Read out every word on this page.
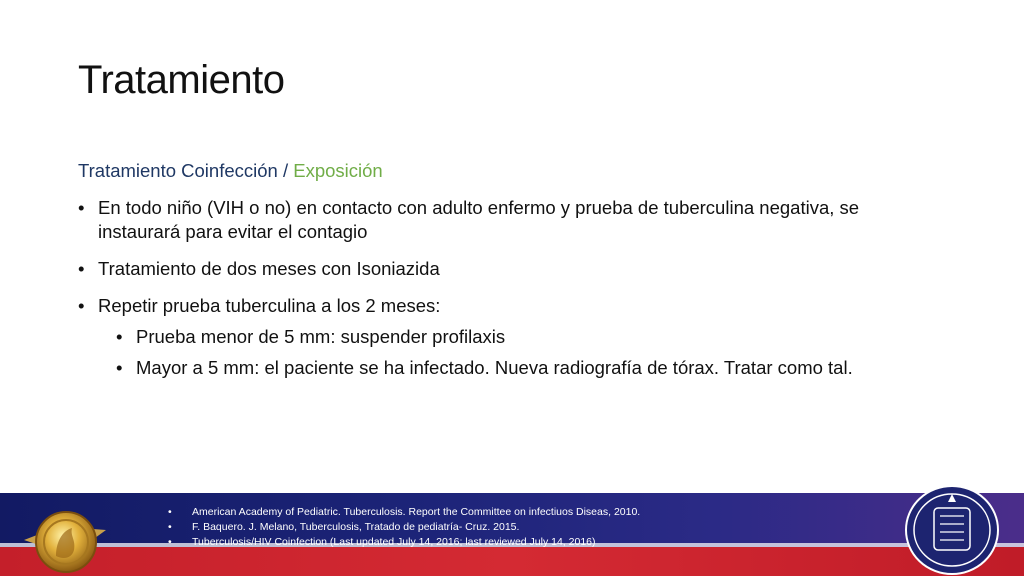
Tratamiento
Tratamiento Coinfección / Exposición
• En todo niño (VIH o no) en contacto con adulto enfermo y prueba de tuberculina negativa, se instaurará para evitar el contagio
• Tratamiento de dos meses con Isoniazida
• Repetir prueba tuberculina a los 2 meses:
• Prueba menor de 5 mm: suspender profilaxis
• Mayor a 5 mm: el paciente se ha infectado. Nueva radiografía de tórax. Tratar como tal.
• American Academy of Pediatric. Tuberculosis. Report the Committee on infectiuos Diseas, 2010.
• F. Baquero. J. Melano, Tuberculosis, Tratado de pediatría- Cruz. 2015.
• Tuberculosis/HIV Coinfection (Last updated July 14, 2016; last reviewed July 14, 2016)
